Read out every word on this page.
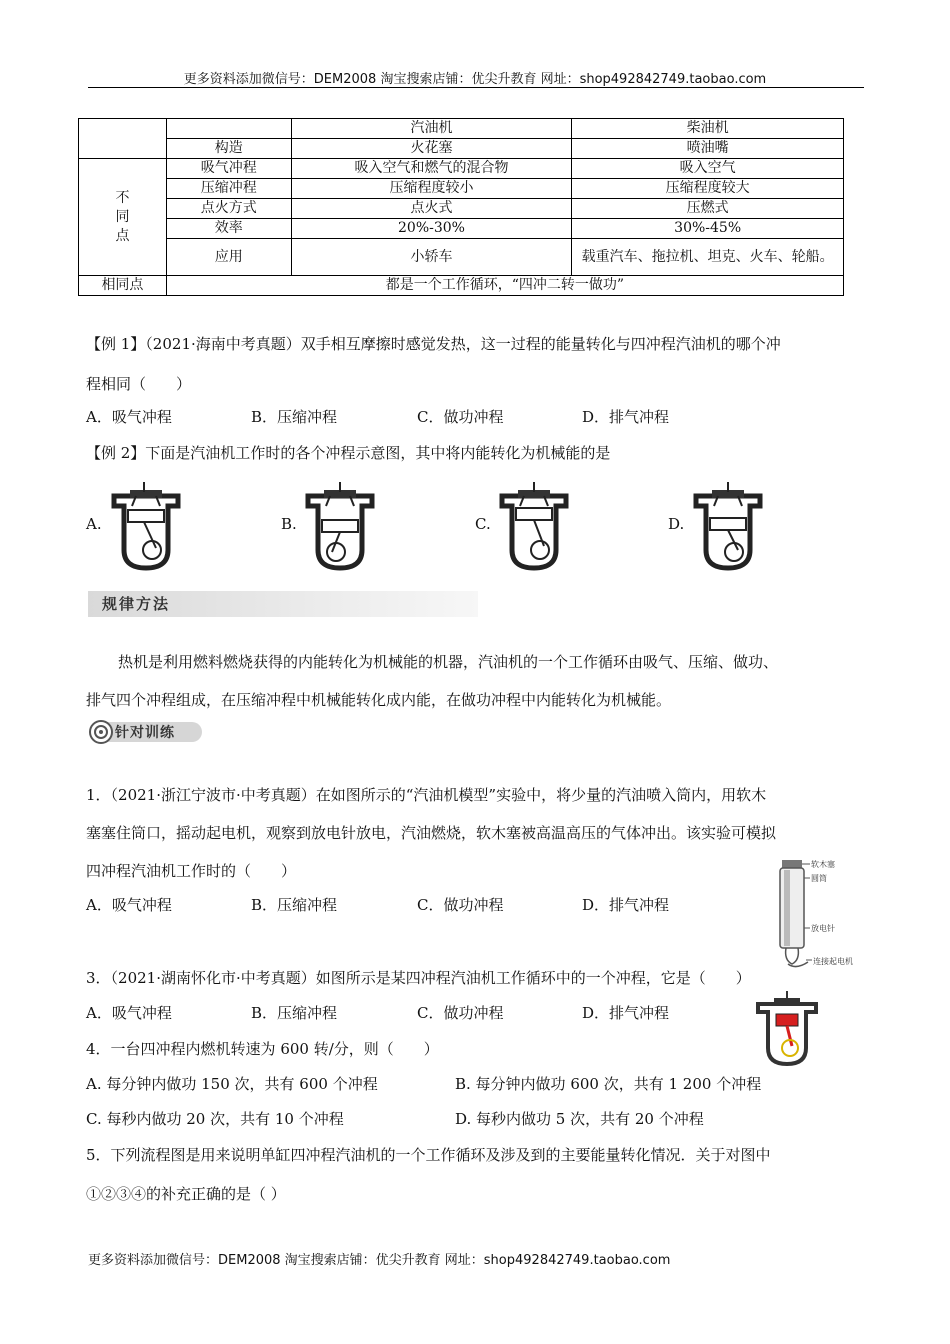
更多资料添加微信号：DEM2008 淘宝搜索店铺：优尖升教育 网址：shop492842749.taobao.com
更多资料添加微信号：DEM2008 淘宝搜索店铺：优尖升教育 网址：shop492842749.taobao.com
		汽油机	柴油机
	构造	火花塞	喷油嘴
不
同
点	吸气冲程	吸入空气和燃气的混合物	吸入空气
	压缩冲程	压缩程度较小	压缩程度较大
	点火方式	点火式	压燃式
	效率	20%-30%	30%-45%
	应用	小轿车	载重汽车、拖拉机、坦克、火车、轮船。
相同点	都是一个工作循环，“四冲二转一做功”		
【例 1】（2021·海南中考真题）双手相互摩擦时感觉发热，这一过程的能量转化与四冲程汽油机的哪个冲
程相同（　　）
A．吸气冲程	B．压缩冲程	C．做功冲程	D．排气冲程
【例 2】下面是汽油机工作时的各个冲程示意图，其中将内能转化为机械能的是
A.	B.	C.	D.
规律方法
热机是利用燃料燃烧获得的内能转化为机械能的机器，汽油机的一个工作循环由吸气、压缩、做功、
排气四个冲程组成，在压缩冲程中机械能转化成内能，在做功冲程中内能转化为机械能。
针对训练
1．（2021·浙江宁波市·中考真题）在如图所示的“汽油机模型”实验中，将少量的汽油喷入筒内，用软木
塞塞住筒口，摇动起电机，观察到放电针放电，汽油燃烧，软木塞被高温高压的气体冲出。该实验可模拟
四冲程汽油机工作时的（　　）
A．吸气冲程	B．压缩冲程	C．做功冲程	D．排气冲程
软木塞
圆筒
放电针
连接起电机
3．（2021·湖南怀化市·中考真题）如图所示是某四冲程汽油机工作循环中的一个冲程，它是（　　）
A．吸气冲程	B．压缩冲程	C．做功冲程	D．排气冲程
4．一台四冲程内燃机转速为 600 转/分，则（　　）
A. 每分钟内做功 150 次，共有 600 个冲程	B. 每分钟内做功 600 次，共有 1 200 个冲程
C. 每秒内做功 20 次，共有 10 个冲程	D. 每秒内做功 5 次，共有 20 个冲程
5．下列流程图是用来说明单缸四冲程汽油机的一个工作循环及涉及到的主要能量转化情况．关于对图中
①②③④的补充正确的是（ ）
